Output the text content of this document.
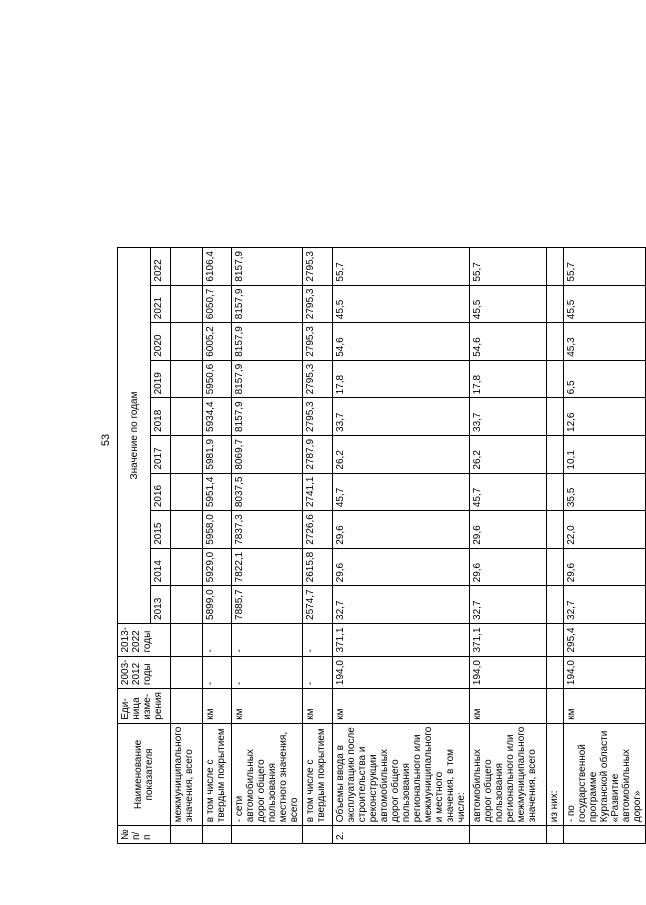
53
№ п/п	Наименование показателя	Еди-ница изме-рения	2003-2012 годы	2013-2022 годы	Значение по годам									
					2013	2014	2015	2016	2017	2018	2019	2020	2021	2022
	межмуниципального значения, всего													
	в том числе с твердым покрытием	км	-	-	5899,0	5929,0	5958,0	5951,4	5981,9	5934,4	5950,6	6005,2	6050,7	6106,4
	- сети автомобильных дорог общего пользования местного значения, всего	км	-	-	7885,7	7822,1	7837,3	8037,5	8069,7	8157,9	8157,9	8157,9	8157,9	8157,9
	в том числе с твердым покрытием	км	-	-	2574,7	2615,8	2726,6	2741,1	2787,9	2795,3	2795,3	2795,3	2795,3	2795,3
2.	Объемы ввода в эксплуатацию после строительства и реконструкции автомобильных дорог общего пользования регионального или межмуниципального и местного значения, в том числе:	км	194,0	371,1	32,7	29,6	29,6	45,7	26,2	33,7	17,8	54,6	45,5	55,7
	автомобильных дорог общего пользования регионального или межмуниципального значения, всего	км	194,0	371,1	32,7	29,6	29,6	45,7	26,2	33,7	17,8	54,6	45,5	55,7
	из них:													
	- по государственной программе Курганской области «Развитие автомобильных дорог»	км	194,0	295,4	32,7	29,6	22,0	35,5	10,1	12,6	6,5	45,3	45,5	55,7
